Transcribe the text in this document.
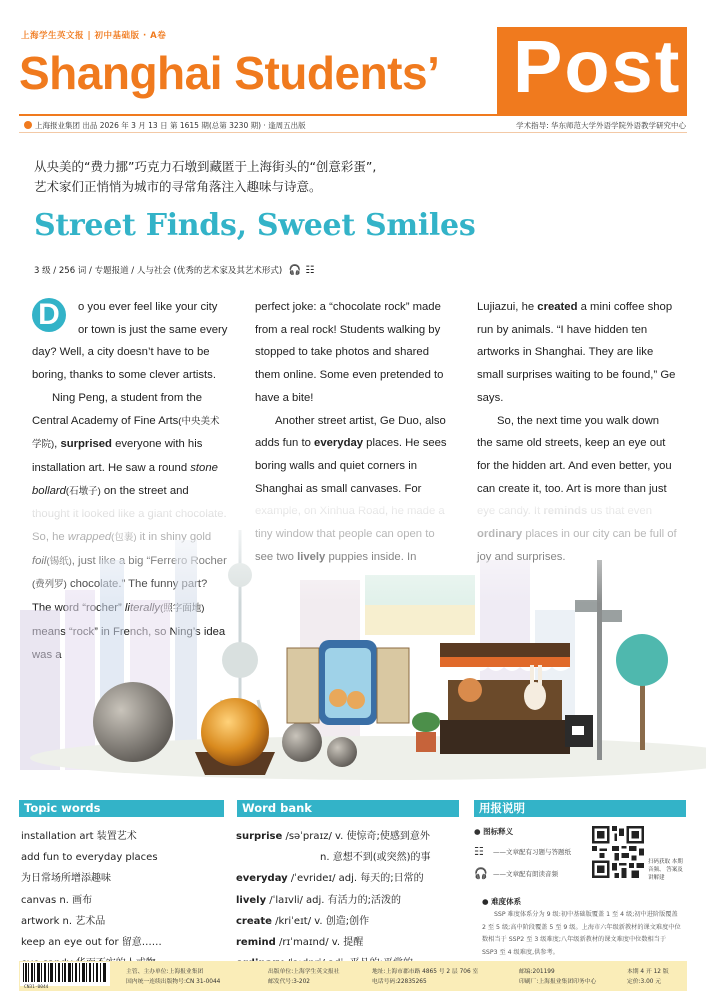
上海学生英文报 | 初中基础版 · A卷
Shanghai Students’ Post
上海报业集团 出品 2026 年 3 月 13 日 第 1615 期(总第 3230 期) · 逢周五出版	学术指导: 华东师范大学外语学院外语教学研究中心
从央美的“费力挪”巧克力石墩到藏匿于上海街头的“创意彩蛋”,
艺术家们正悄悄为城市的寻常角落注入趣味与诗意。
Street Finds, Sweet Smiles
3 级 / 256 词 / 专题报道 / 人与社会 (优秀的艺术家及其艺术形式) 🎧 ☷

D	o you ever feel like your city or town is just the same every day? Well, a city doesn’t have to be boring, thanks to some clever artists.

Ning Peng, a student from the Central Academy of Fine Arts(中央美术学院), surprised everyone with his installation art. He saw a round stone bollard(石墩子) on the street and

perfect joke: a “chocolate rock” made from a real rock! Students walking by stopped to take photos and shared them online. Some even pretended to have a bite!

Another street artist, Ge Duo, also adds fun to everyday places. He sees boring walls and quiet corners in Shanghai as small canvases. For

Lujiazui, he created a mini coffee shop run by animals. “I have hidden ten artworks in Shanghai. They are like small surprises waiting to be found,” Ge says.

So, the next time you walk down the same old streets, keep an eye out for the hidden art. And even better, you can create it, too. Art is more than just

Topic words	Word bank	用报说明
installation art 装置艺术
add fun to everyday places
为日常场所增添趣味
canvas n. 画布
artwork n. 艺术品
keep an eye out for 留意……
surprise /səˈpraɪz/ v. 使惊奇;使感到意外
n. 意想不到(或突然)的事
everyday /ˈevrideɪ/ adj. 每天的;日常的
lively /ˈlaɪvli/ adj. 有活力的;活泼的
create /kriˈeɪt/ v. 创造;创作
remind /rɪˈmaɪnd/ v. 提醒
● 图标释义
☷	——文章配有习题与答题纸
🎧 ——文章配有朗读音频
扫码获取 本期音频、 答案及讲解建
● 难度体系
SSP 难度体系分为 9 级:初中基础版覆盖 1 至 4 级;初中进阶版覆盖 2 至 5 级;高中阶段覆盖 5 至 9 级。上海市六年级新教材的课文难度中位数相当于 SSP2 至 3 级难度;八年级新教材的课文难度中位数相当于 SSP3 至 4 级难度,供参考。
CN31-0044
主管、主办单位:上海报业集团
国内统一连续出版物号:CN 31-0044
出版单位:上海学生英文报社
邮发代号:3-202
地址:上海市郡市路 4865 号 2 层 706 室
电话号码:22835265
邮编:201199
印刷厂:上海报业集团印务中心
本期 4 开 12 版
定价:3.00 元
